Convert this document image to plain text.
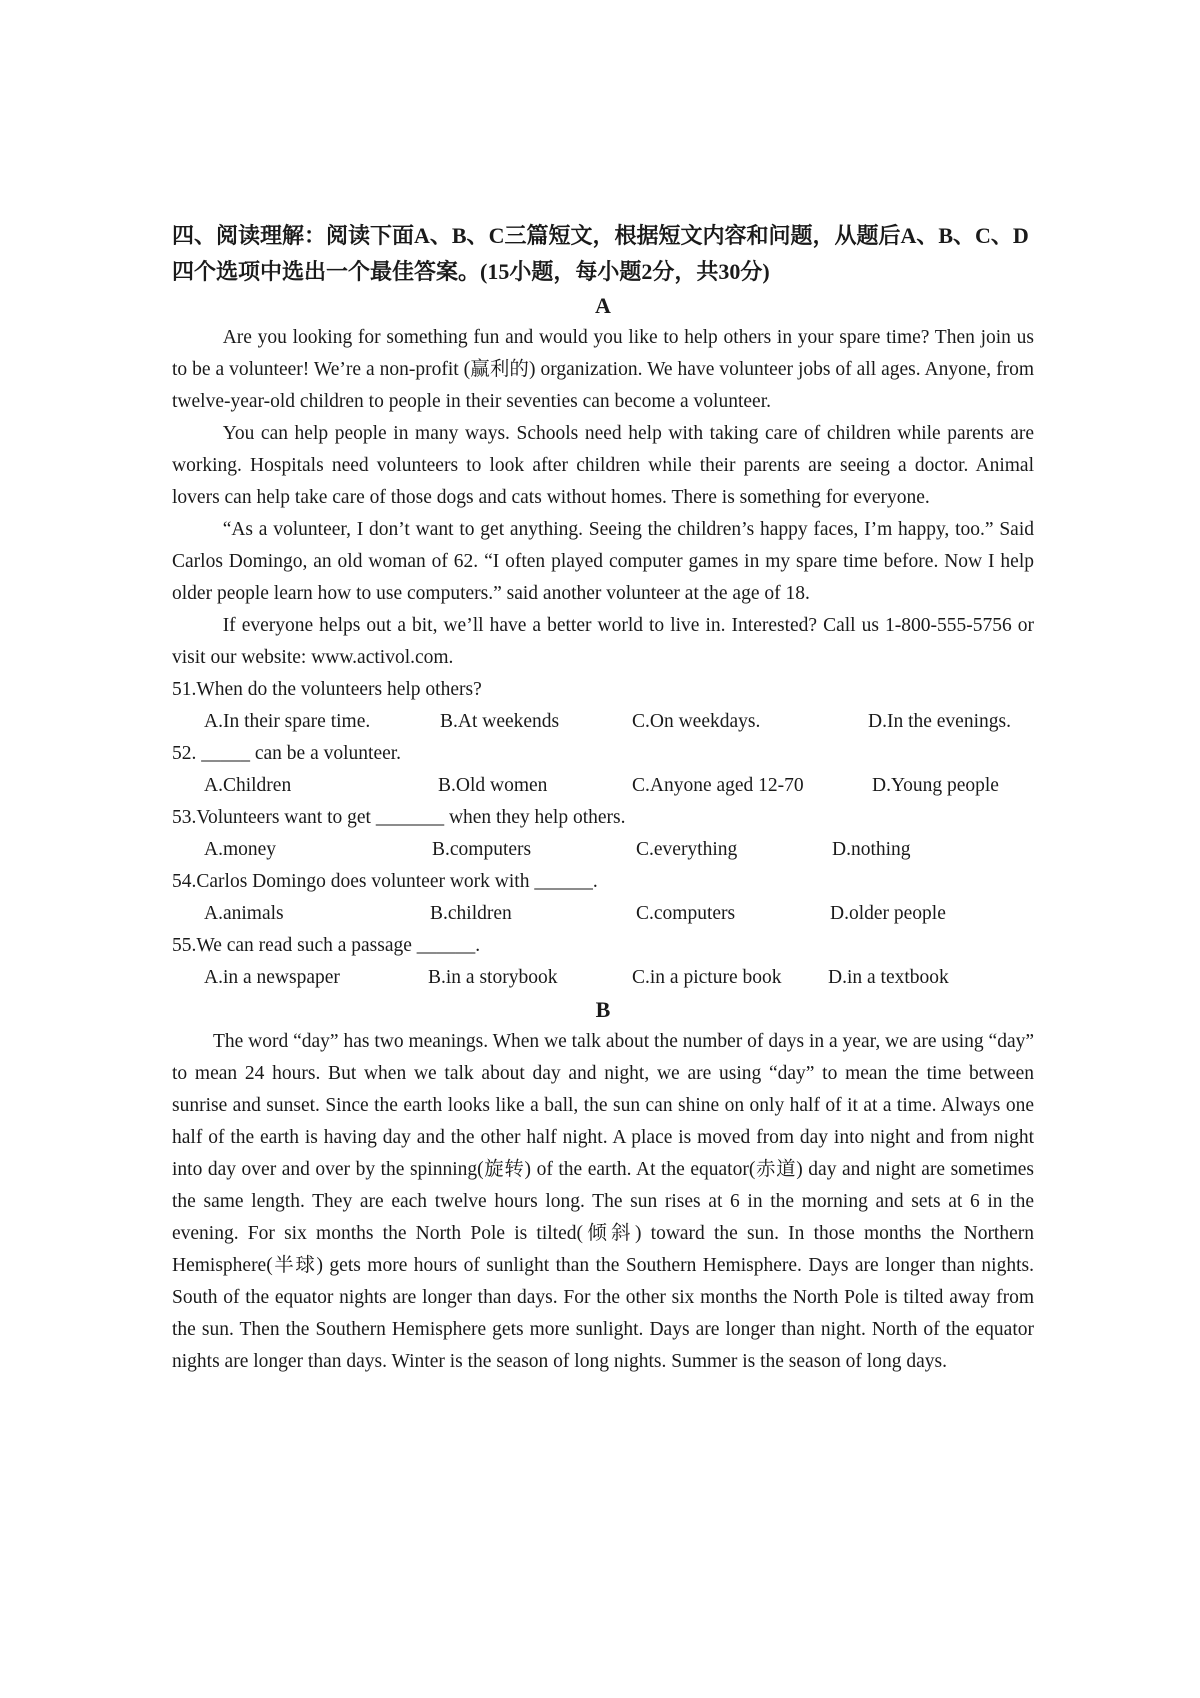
四、阅读理解：阅读下面A、B、C三篇短文，根据短文内容和问题，从题后A、B、C、D四个选项中选出一个最佳答案。(15小题，每小题2分，共30分)

A

Are you looking for something fun and would you like to help others in your spare time? Then join us to be a volunteer! We’re a non-profit (赢利的) organization. We have volunteer jobs of all ages. Anyone, from twelve-year-old children to people in their seventies can become a volunteer.

You can help people in many ways. Schools need help with taking care of children while parents are working. Hospitals need volunteers to look after children while their parents are seeing a doctor. Animal lovers can help take care of those dogs and cats without homes. There is something for everyone.

“As a volunteer, I don’t want to get anything. Seeing the children’s happy faces, I’m happy, too.” Said Carlos Domingo, an old woman of 62. “I often played computer games in my spare time before. Now I help older people learn how to use computers.” said another volunteer at the age of 18.

If everyone helps out a bit, we’ll have a better world to live in. Interested? Call us 1-800-555-5756 or visit our website: www.activol.com.

51.When do the volunteers help others?

A.In their spare time.	B.At weekends	C.On weekdays.	D.In the evenings.

52. _____ can be a volunteer.

A.Children	B.Old women	C.Anyone aged 12-70	D.Young people

53.Volunteers want to get _______ when they help others.

A.money	B.computers	C.everything	D.nothing

54.Carlos Domingo does volunteer work with ______.

A.animals	B.children	C.computers	D.older people

55.We can read such a passage ______.

A.in a newspaper	B.in a storybook	C.in a picture book D.in a textbook

B

The word “day” has two meanings. When we talk about the number of days in a year, we are using “day” to mean 24 hours. But when we talk about day and night, we are using “day” to mean the time between sunrise and sunset. Since the earth looks like a ball, the sun can shine on only half of it at a time. Always one half of the earth is having day and the other half night. A place is moved from day into night and from night into day over and over by the spinning(旋转) of the earth. At the equator(赤道) day and night are sometimes the same length. They are each twelve hours long. The sun rises at 6 in the morning and sets at 6 in the evening. For six months the North Pole is tilted(倾斜) toward the sun. In those months the Northern Hemisphere(半球) gets more hours of sunlight than the Southern Hemisphere. Days are longer than nights. South of the equator nights are longer than days. For the other six months the North Pole is tilted away from the sun. Then the Southern Hemisphere gets more sunlight. Days are longer than night. North of the equator nights are longer than days. Winter is the season of long nights. Summer is the season of long days.
